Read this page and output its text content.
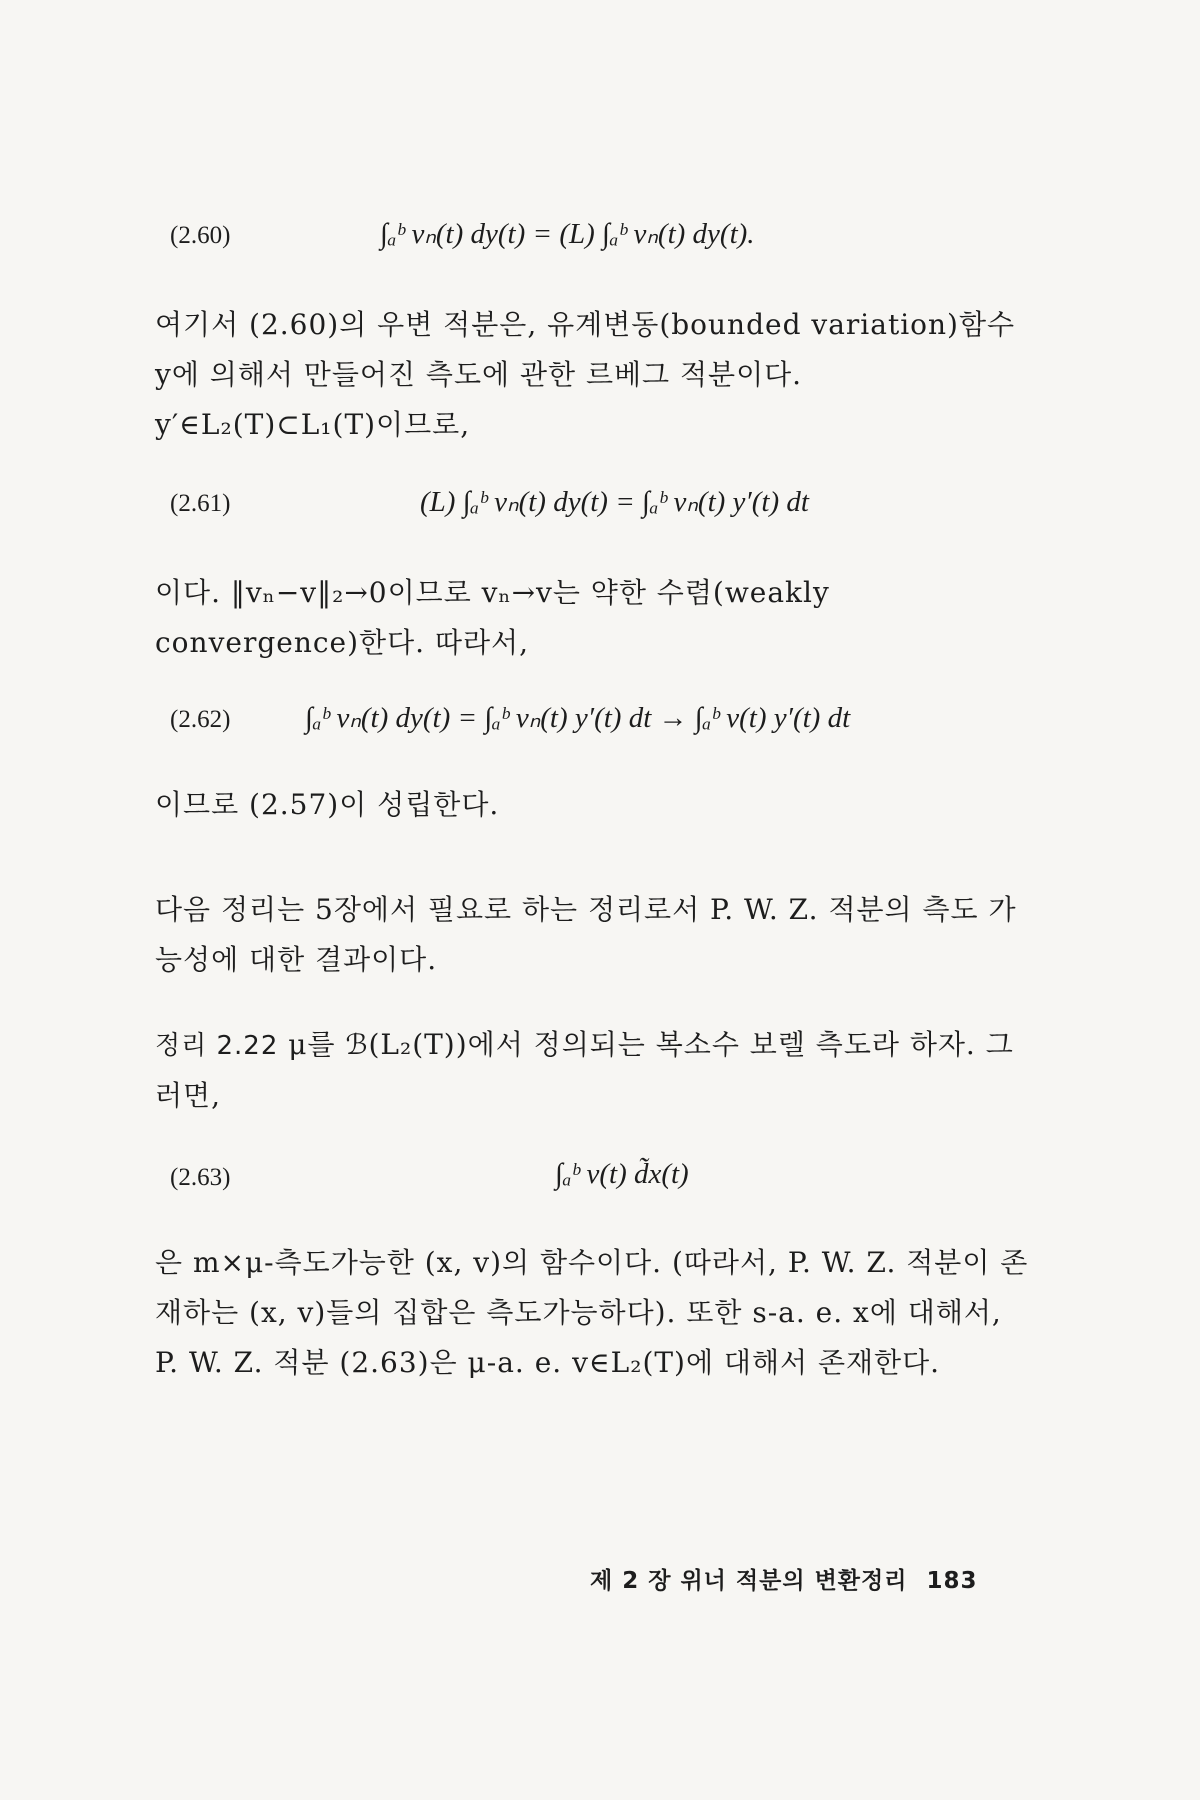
(2.60)	∫ₐᵇ vₙ(t) dy(t) = (L) ∫ₐᵇ vₙ(t) dy(t).
여기서 (2.60)의 우변 적분은, 유계변동(bounded variation)함수 y에 의해서 만들어진 측도에 관한 르베그 적분이다.
y′∈L₂(T)⊂L₁(T)이므로,
(2.61)	(L) ∫ₐᵇ vₙ(t) dy(t) = ∫ₐᵇ vₙ(t) y′(t) dt
이다. ‖vₙ−v‖₂→0이므로 vₙ→v는 약한 수렴(weakly convergence)한다. 따라서,
(2.62)	∫ₐᵇ vₙ(t) dy(t) = ∫ₐᵇ vₙ(t) y′(t) dt → ∫ₐᵇ v(t) y′(t) dt
이므로 (2.57)이 성립한다.
다음 정리는 5장에서 필요로 하는 정리로서 P. W. Z. 적분의 측도 가능성에 대한 결과이다.
정리 2.22 μ를 ℬ(L₂(T))에서 정의되는 복소수 보렐 측도라 하자. 그러면,
(2.63)	∫ₐᵇ v(t) d̃x(t)
은 m×μ-측도가능한 (x, v)의 함수이다. (따라서, P. W. Z. 적분이 존재하는 (x, v)들의 집합은 측도가능하다). 또한 s-a. e. x에 대해서, P. W. Z. 적분 (2.63)은 μ-a. e. v∈L₂(T)에 대해서 존재한다.
제 2 장 위너 적분의 변환정리 183
